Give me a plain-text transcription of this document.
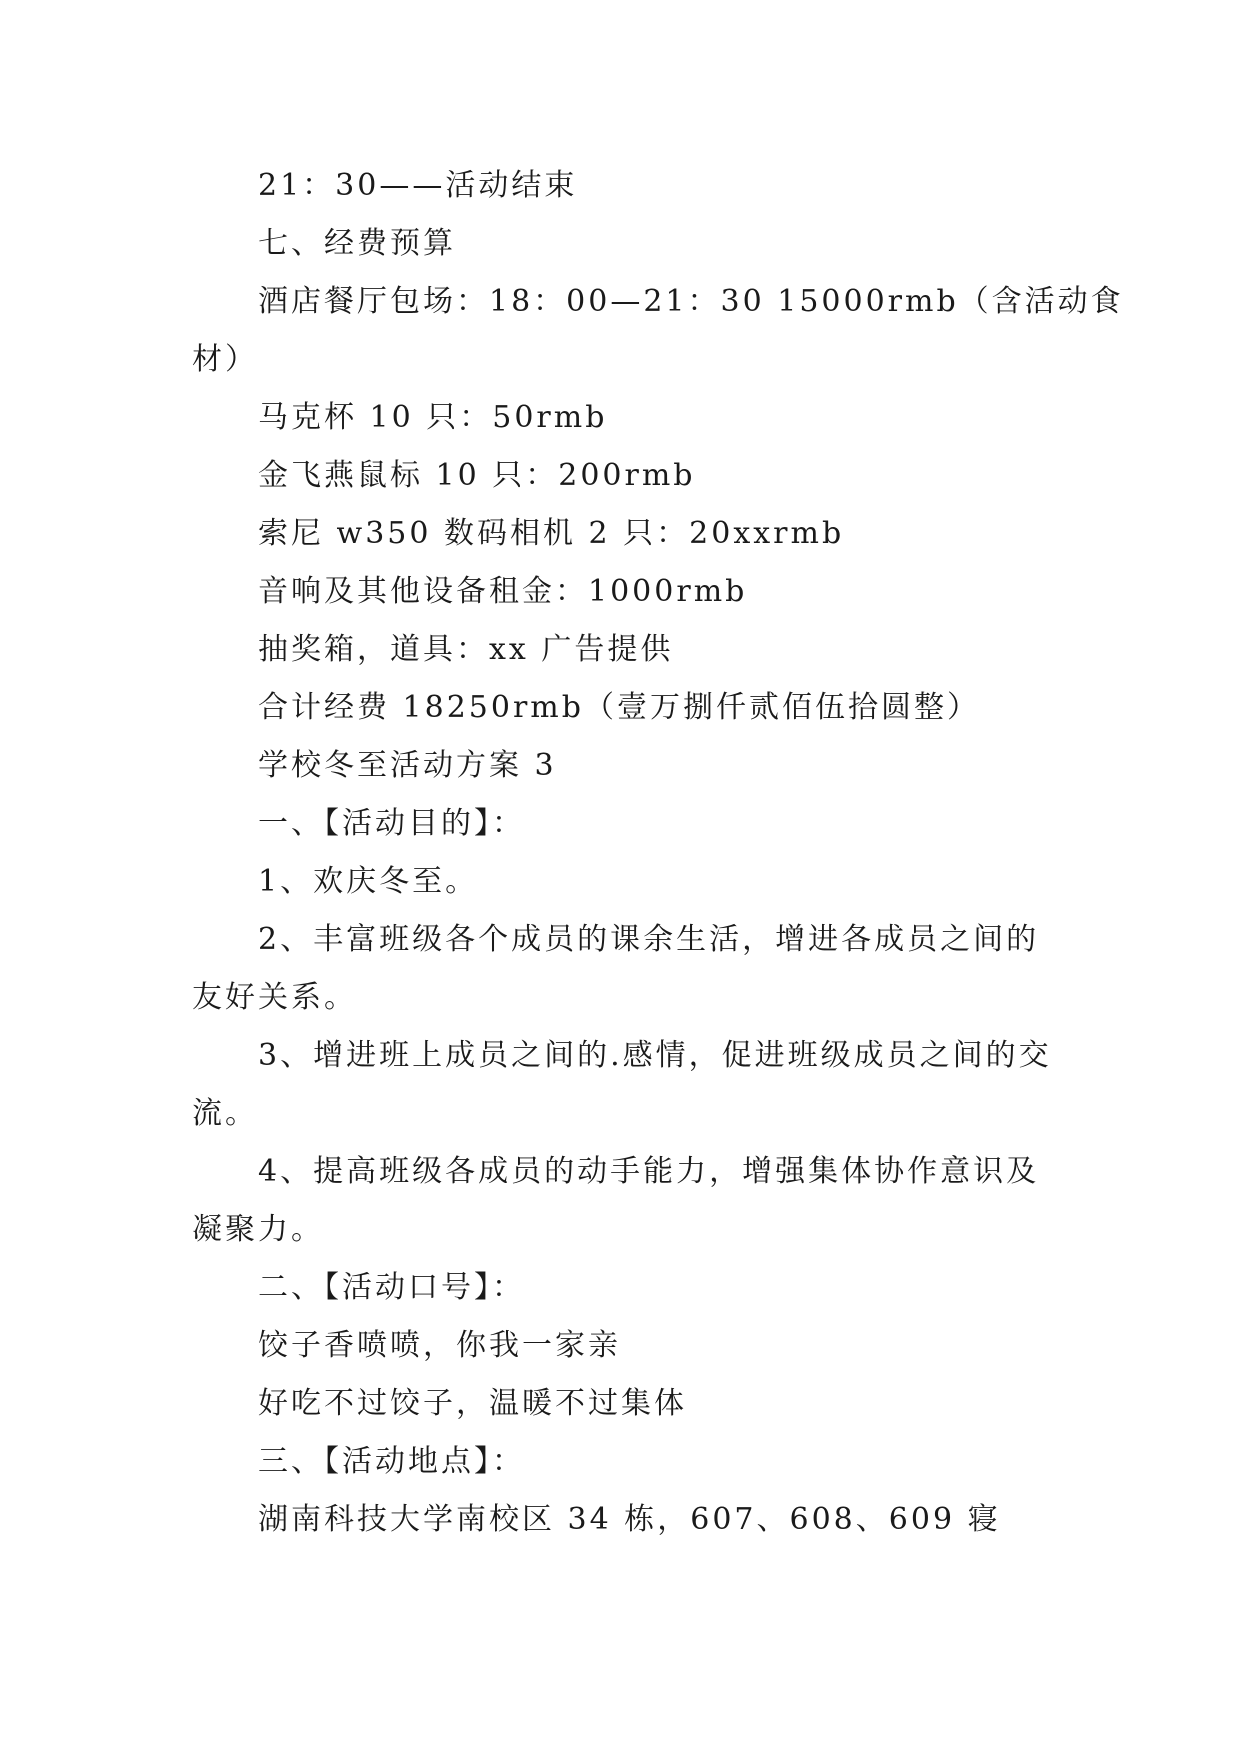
21：30——活动结束
七、经费预算
酒店餐厅包场：18：00—21：30 15000rmb（含活动食
材）
马克杯 10 只：50rmb
金飞燕鼠标 10 只：200rmb
索尼 w350 数码相机 2 只：20xxrmb
音响及其他设备租金：1000rmb
抽奖箱，道具：xx 广告提供
合计经费 18250rmb（壹万捌仟贰佰伍拾圆整）
学校冬至活动方案 3
一、【活动目的】：
1、欢庆冬至。
2、丰富班级各个成员的课余生活，增进各成员之间的
友好关系。
3、增进班上成员之间的.感情，促进班级成员之间的交
流。
4、提高班级各成员的动手能力，增强集体协作意识及
凝聚力。
二、【活动口号】：
饺子香喷喷，你我一家亲
好吃不过饺子，温暖不过集体
三、【活动地点】：
湖南科技大学南校区 34 栋，607、608、609 寝
